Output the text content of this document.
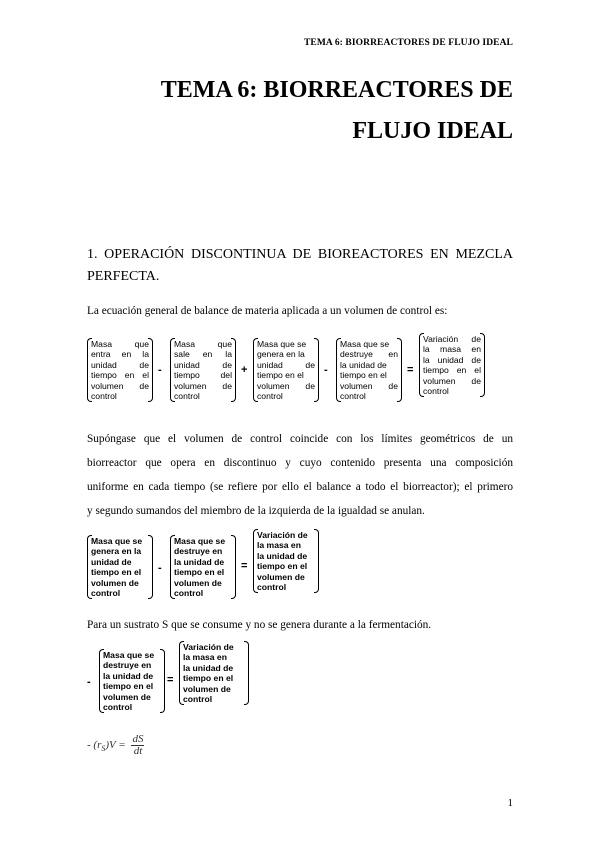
TEMA 6: BIORREACTORES DE FLUJO IDEAL
TEMA 6: BIORREACTORES DE
FLUJO IDEAL
1. OPERACIÓN DISCONTINUA DE BIOREACTORES EN MEZCLA
PERFECTA.
La ecuación general de balance de materia aplicada a un volumen de control es:
Masa que
entra en la
unidad de
tiempo en el
volumen de
control
-
Masa que
sale en la
unidad de
tiempo del
volumen de
control
+
Masa que se
genera en la
unidad de
tiempo en el
volumen de
control
-
Masa que se
destruye en
la unidad de
tiempo en el
volumen de
control
=
Variación de
la masa en
la unidad de
tiempo en el
volumen de
control
Supóngase que el volumen de control coincide con los límites geométricos de un
biorreactor que opera en discontinuo y cuyo contenido presenta una composición
uniforme en cada tiempo (se refiere por ello el balance a todo el biorreactor); el primero
y segundo sumandos del miembro de la izquierda de la igualdad se anulan.
Masa que se
genera en la
unidad de
tiempo en el
volumen de
control
-
Masa que se
destruye en
la unidad de
tiempo en el
volumen de
control
=
Variación de
la masa en
la unidad de
tiempo en el
volumen de
control
Para un sustrato S que se consume y no se genera durante a la fermentación.
-
Masa que se
destruye en
la unidad de
tiempo en el
volumen de
control
=
Variación de
la masa en
la unidad de
tiempo en el
volumen de
control
- $(r_S)V = \frac{dS}{dt}$
1
